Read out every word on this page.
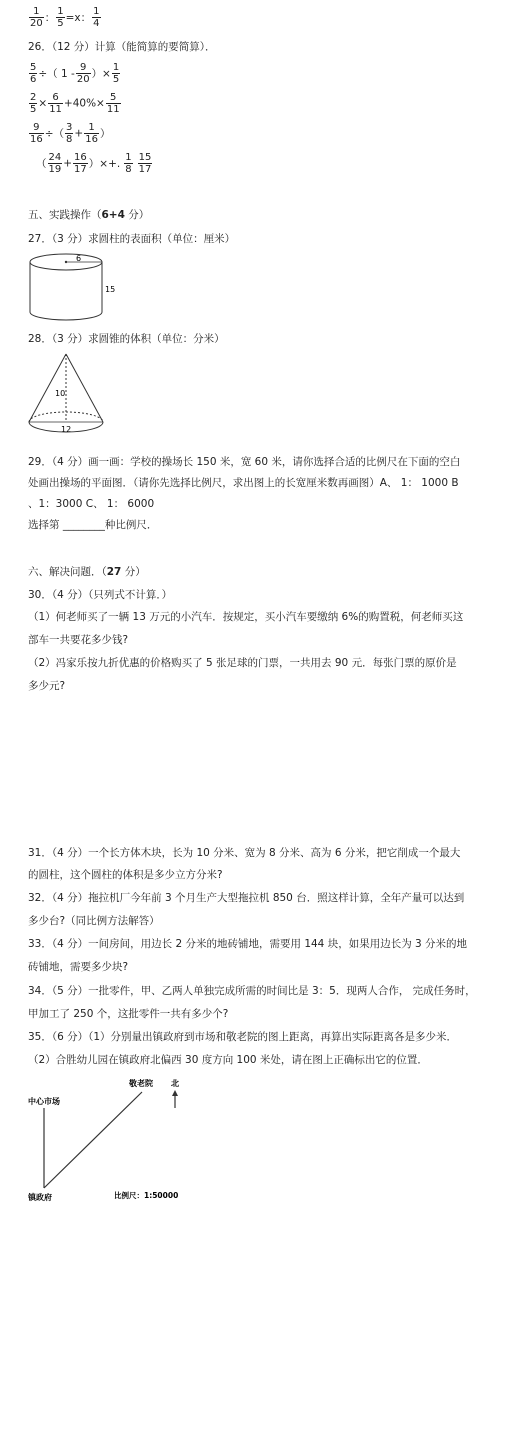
$\frac{1}{20}$ ： $\frac{1}{5} =x$： $\frac{1}{4}$
26．（12 分）计算（能简算的要简算）．
$\frac{5}{6}$ ÷（ $1 - \frac{9}{20}$ ）× $\frac{1}{5}$
$\frac{2}{5} \times \frac{6}{11} +40\%\times \frac{5}{11}$
$\frac{9}{16}$ ÷（ $\frac{3}{8} + \frac{1}{16}$ ）
（ $\frac{24}{19} + \frac{16}{17}$ ）×+. $\frac{1}{8} \frac{15}{17}$
五、实践操作（6+4 分）
27．（3 分）求圆柱的表面积（单位：厘米）
6
15
28．（3 分）求圆锥的体积（单位：分米）
10
12
29．（4 分）画一画：学校的操场长 150 米，宽 60 米，请你选择合适的比例尺在下面的空白
处画出操场的平面图．（请你先选择比例尺，求出图上的长宽厘米数再画图）A、 1： 1000 B
、1：3000 C、 1： 6000
选择第 ________种比例尺．
六、解决问题．（27 分）
30．（4 分）（只列式不计算．）
（1）何老师买了一辆 13 万元的小汽车．按规定，买小汽车要缴纳 6%的购置税，何老师买这
部车一共要花多少钱?
（2）冯家乐按九折优惠的价格购买了 5 张足球的门票，一共用去 90 元．每张门票的原价是
多少元?
31．（4 分）一个长方体木块，长为 10 分米、宽为 8 分米、高为 6 分米，把它削成一个最大
的圆柱，这个圆柱的体积是多少立方分米?
32．（4 分）拖拉机厂今年前 3 个月生产大型拖拉机 850 台．照这样计算，全年产量可以达到
多少台?（同比例方法解答）
33．（4 分）一间房间，用边长 2 分米的地砖铺地，需要用 144 块，如果用边长为 3 分米的地
砖铺地，需要多少块?
34．（5 分）一批零件，甲、乙两人单独完成所需的时间比是 3：5．现两人合作， 完成任务时，
甲加工了 250 个，这批零件一共有多少个?
35．（6 分）（1）分别量出镇政府到市场和敬老院的图上距离，再算出实际距离各是多少米．
（2）合胜幼儿园在镇政府北偏西 30 度方向 100 米处，请在图上正确标出它的位置．
中心市场
敬老院 北
镇政府	比例尺：1:50000
